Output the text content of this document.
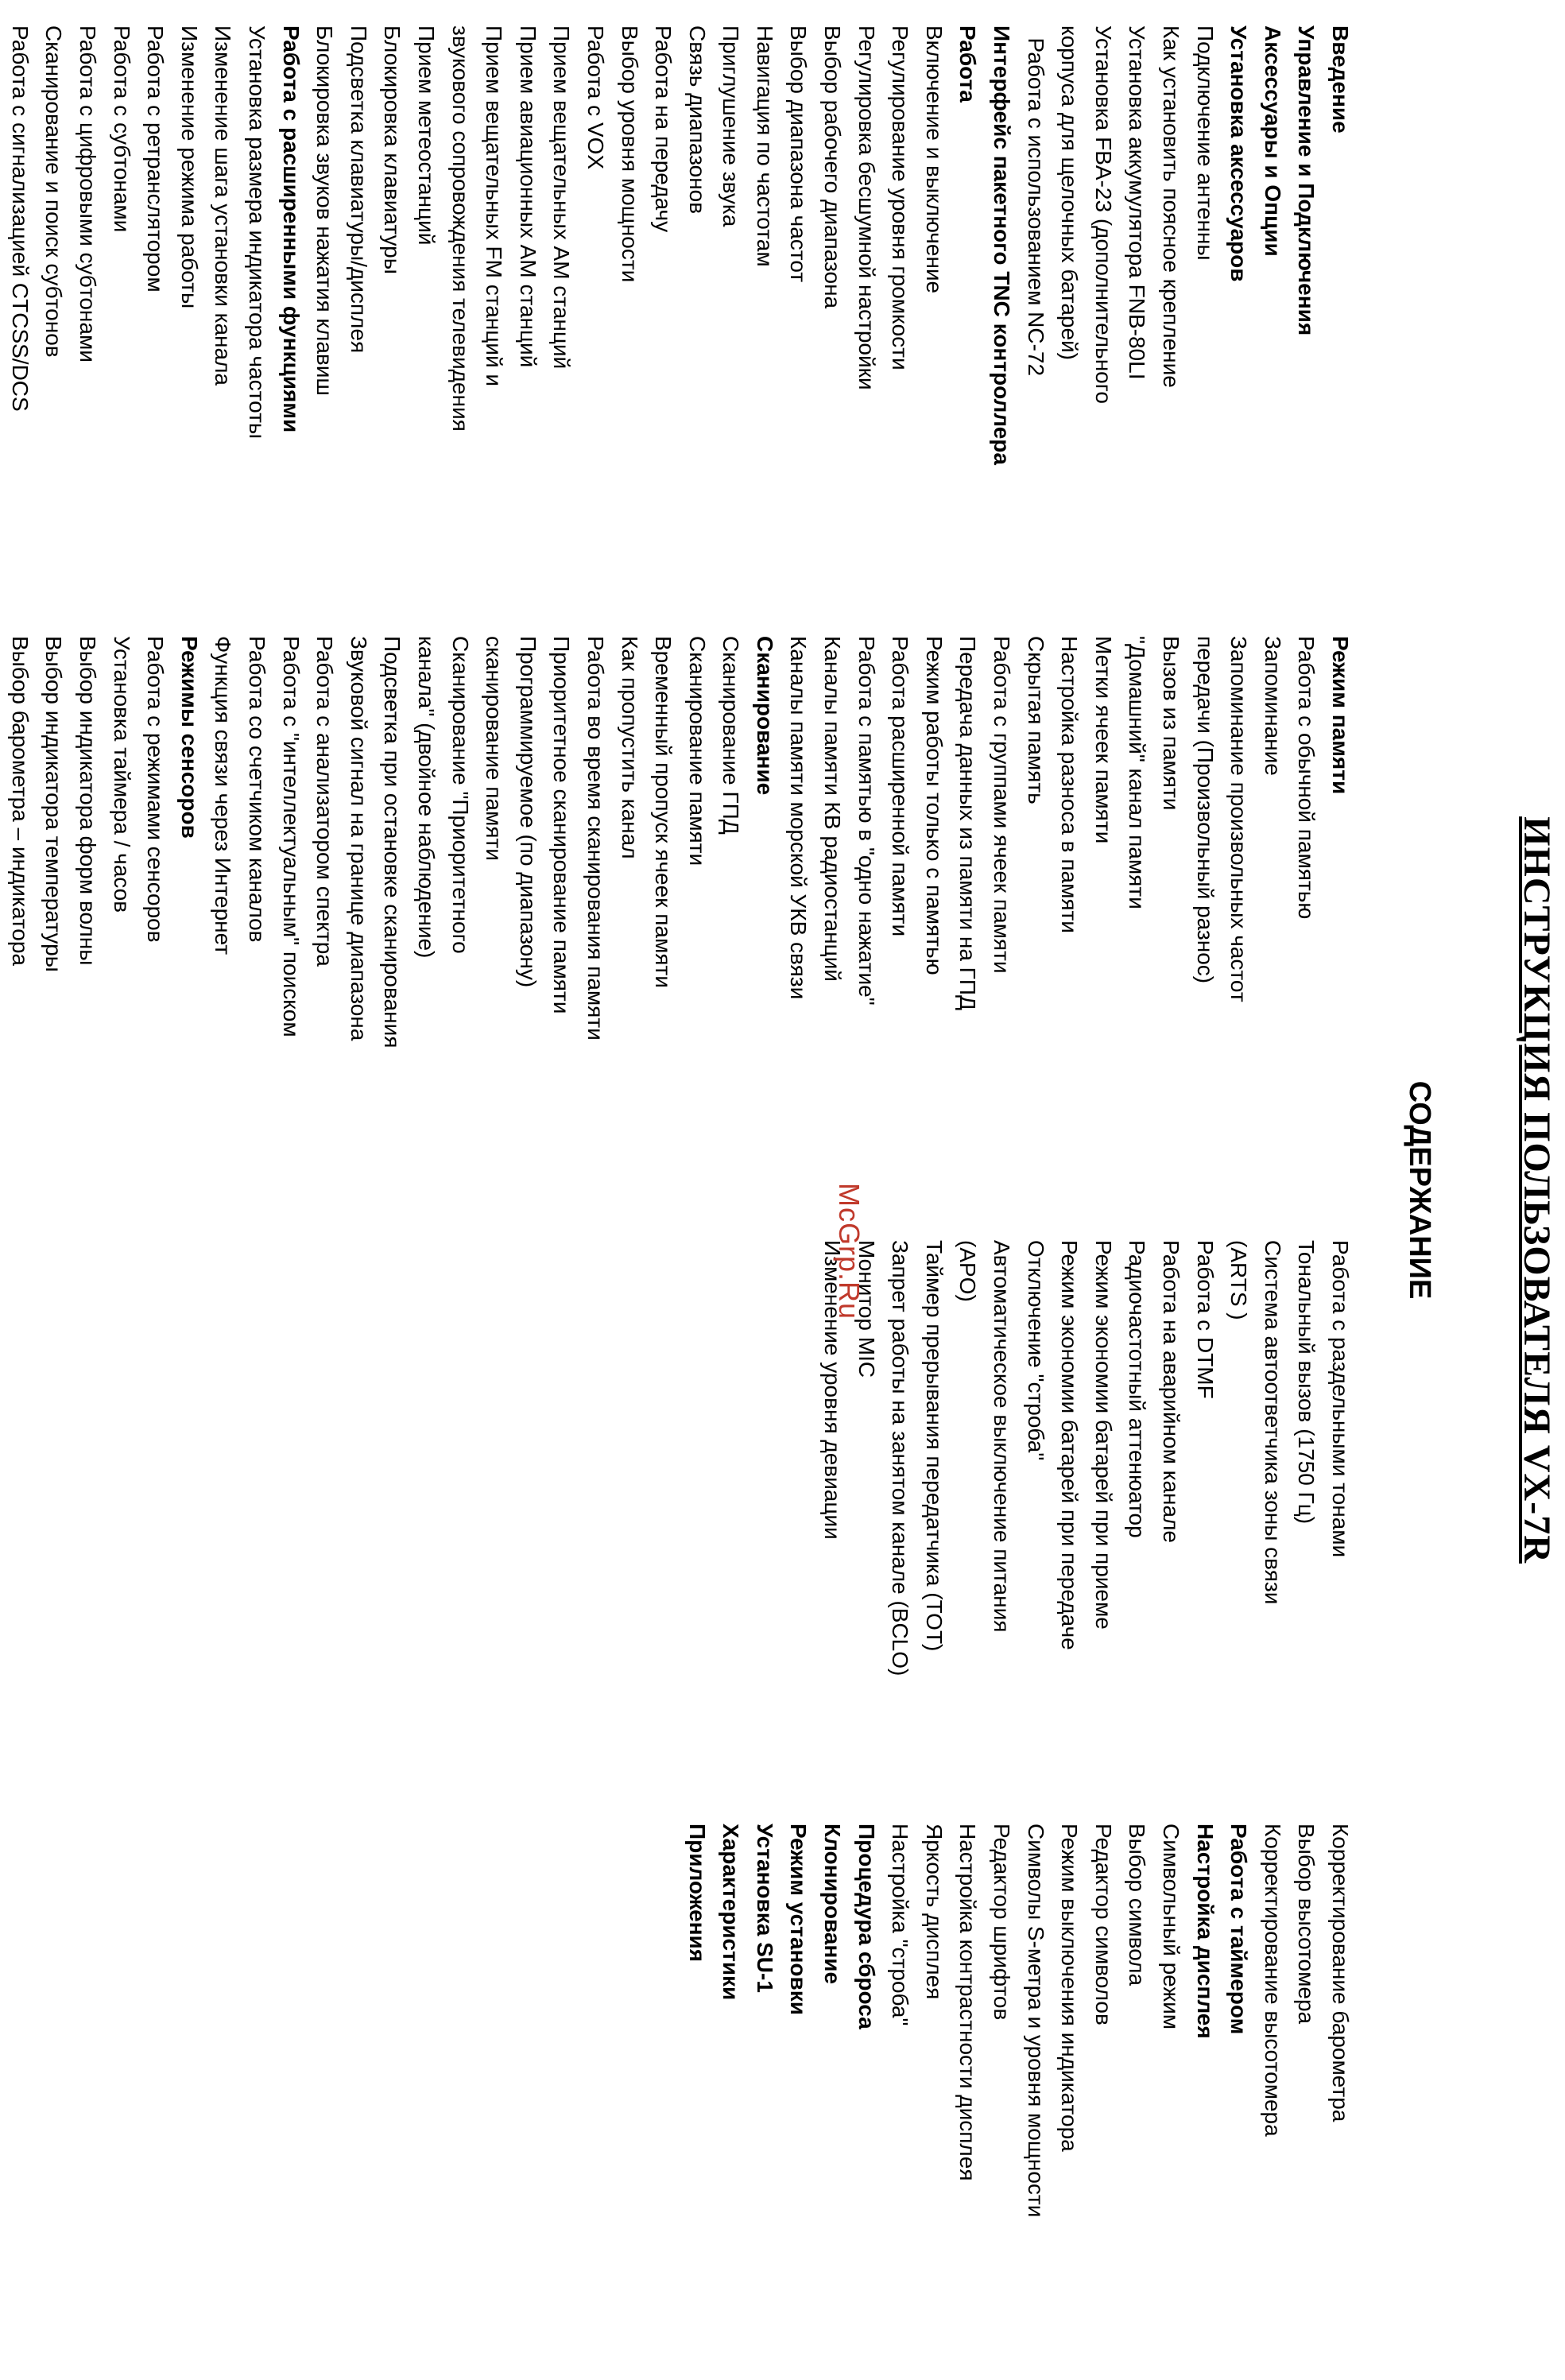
ИНСТРУКЦИЯ ПОЛЬЗОВАТЕЛЯ VX-7R
СОДЕРЖАНИЕ
Введение
Управление и Подключения
Аксессуары и Опции
Установка аксессуаров
Подключение антенны
Как установить поясное крепление
Установка аккумулятора FNB-80LI
Установка FBA-23 (дополнительного
корпуса для щелочных батарей)
Работа с использованием NC-72
Интерфейс пакетного TNC контроллера
Работа
Включение и выключение
Регулирование уровня громкости
Регулировка бесшумной настройки
Выбор рабочего диапазона
Выбор диапазона частот
Навигация по частотам
Приглушение звука
Связь диапазонов
Работа на передачу
Выбор уровня мощности
Работа с VOX
Прием вещательных AM станций
Прием авиационных AM станций
Прием вещательных FM станций и
звукового сопровождения телевидения
Прием метеостанций
Блокировка клавиатуры
Подсветка клавиатуры/дисплея
Блокировка звуков нажатия клавиш
Работа с расширенными функциями
Установка размера индикатора частоты
Изменение шага установки канала
Изменение режима работы
Работа с ретранслятором
Работа с субтонами
Работа с цифровыми субтонами
Сканирование и поиск субтонов
Работа с сигнализацией CTCSS/DCS
Режим памяти
Работа с обычной памятью
Запоминание
Запоминание произвольных частот
передачи (Произвольный разнос)
Вызов из памяти
"Домашний" канал памяти
Метки ячеек памяти
Настройка разноса в памяти
Скрытая память
Работа с группами ячеек памяти
Передача данных из памяти на ГПД
Режим работы только с памятью
Работа расширенной памяти
Работа с памятью в "одно нажатие"
Каналы памяти КВ радиостанций
Каналы памяти морской УКВ связи
Сканирование
Сканирование ГПД
Сканирование памяти
Временный пропуск ячеек памяти
Как пропустить канал
Работа во время сканирования памяти
Приоритетное сканирование памяти
Программируемое (по диапазону)
сканирование памяти
Сканирование "Приоритетного
канала" (двойное наблюдение)
Подсветка при остановке сканирования
Звуковой сигнал на границе диапазона
Работа с анализатором спектра
Работа с "интеллектуальным" поиском
Работа со счетчиком каналов
Функция связи через Интернет
Режимы сенсоров
Работа с режимами сенсоров
Установка таймера / часов
Выбор индикатора форм волны
Выбор индикатора температуры
Выбор барометра – индикатора
Работа с раздельными тонами
Тональный вызов (1750 Гц)
Система автоответчика зоны связи
(ARTS )
Работа с DTMF
Работа на аварийном канале
Радиочастотный аттенюатор
Режим экономии батарей при приеме
Режим экономии батарей при передаче
Отключение "строба"
Автоматическое выключение питания
(APO)
Таймер прерывания передатчика (TOT)
Запрет работы на занятом канале (BCLO)
Монитор MIC
Изменение уровня девиации
Корректирование барометра
Выбор высотомера
Корректирование высотомера
Работа с таймером
Настройка дисплея
Символьный режим
Выбор символа
Редактор символов
Режим выключения индикатора
Символы S-метра и уровня мощности
Редактор шрифтов
Настройка контрастности дисплея
Яркость дисплея
Настройка "строба"
Процедура сброса
Клонирование
Режим установки
Установка SU-1
Характеристики
Приложения
McGrp.Ru
